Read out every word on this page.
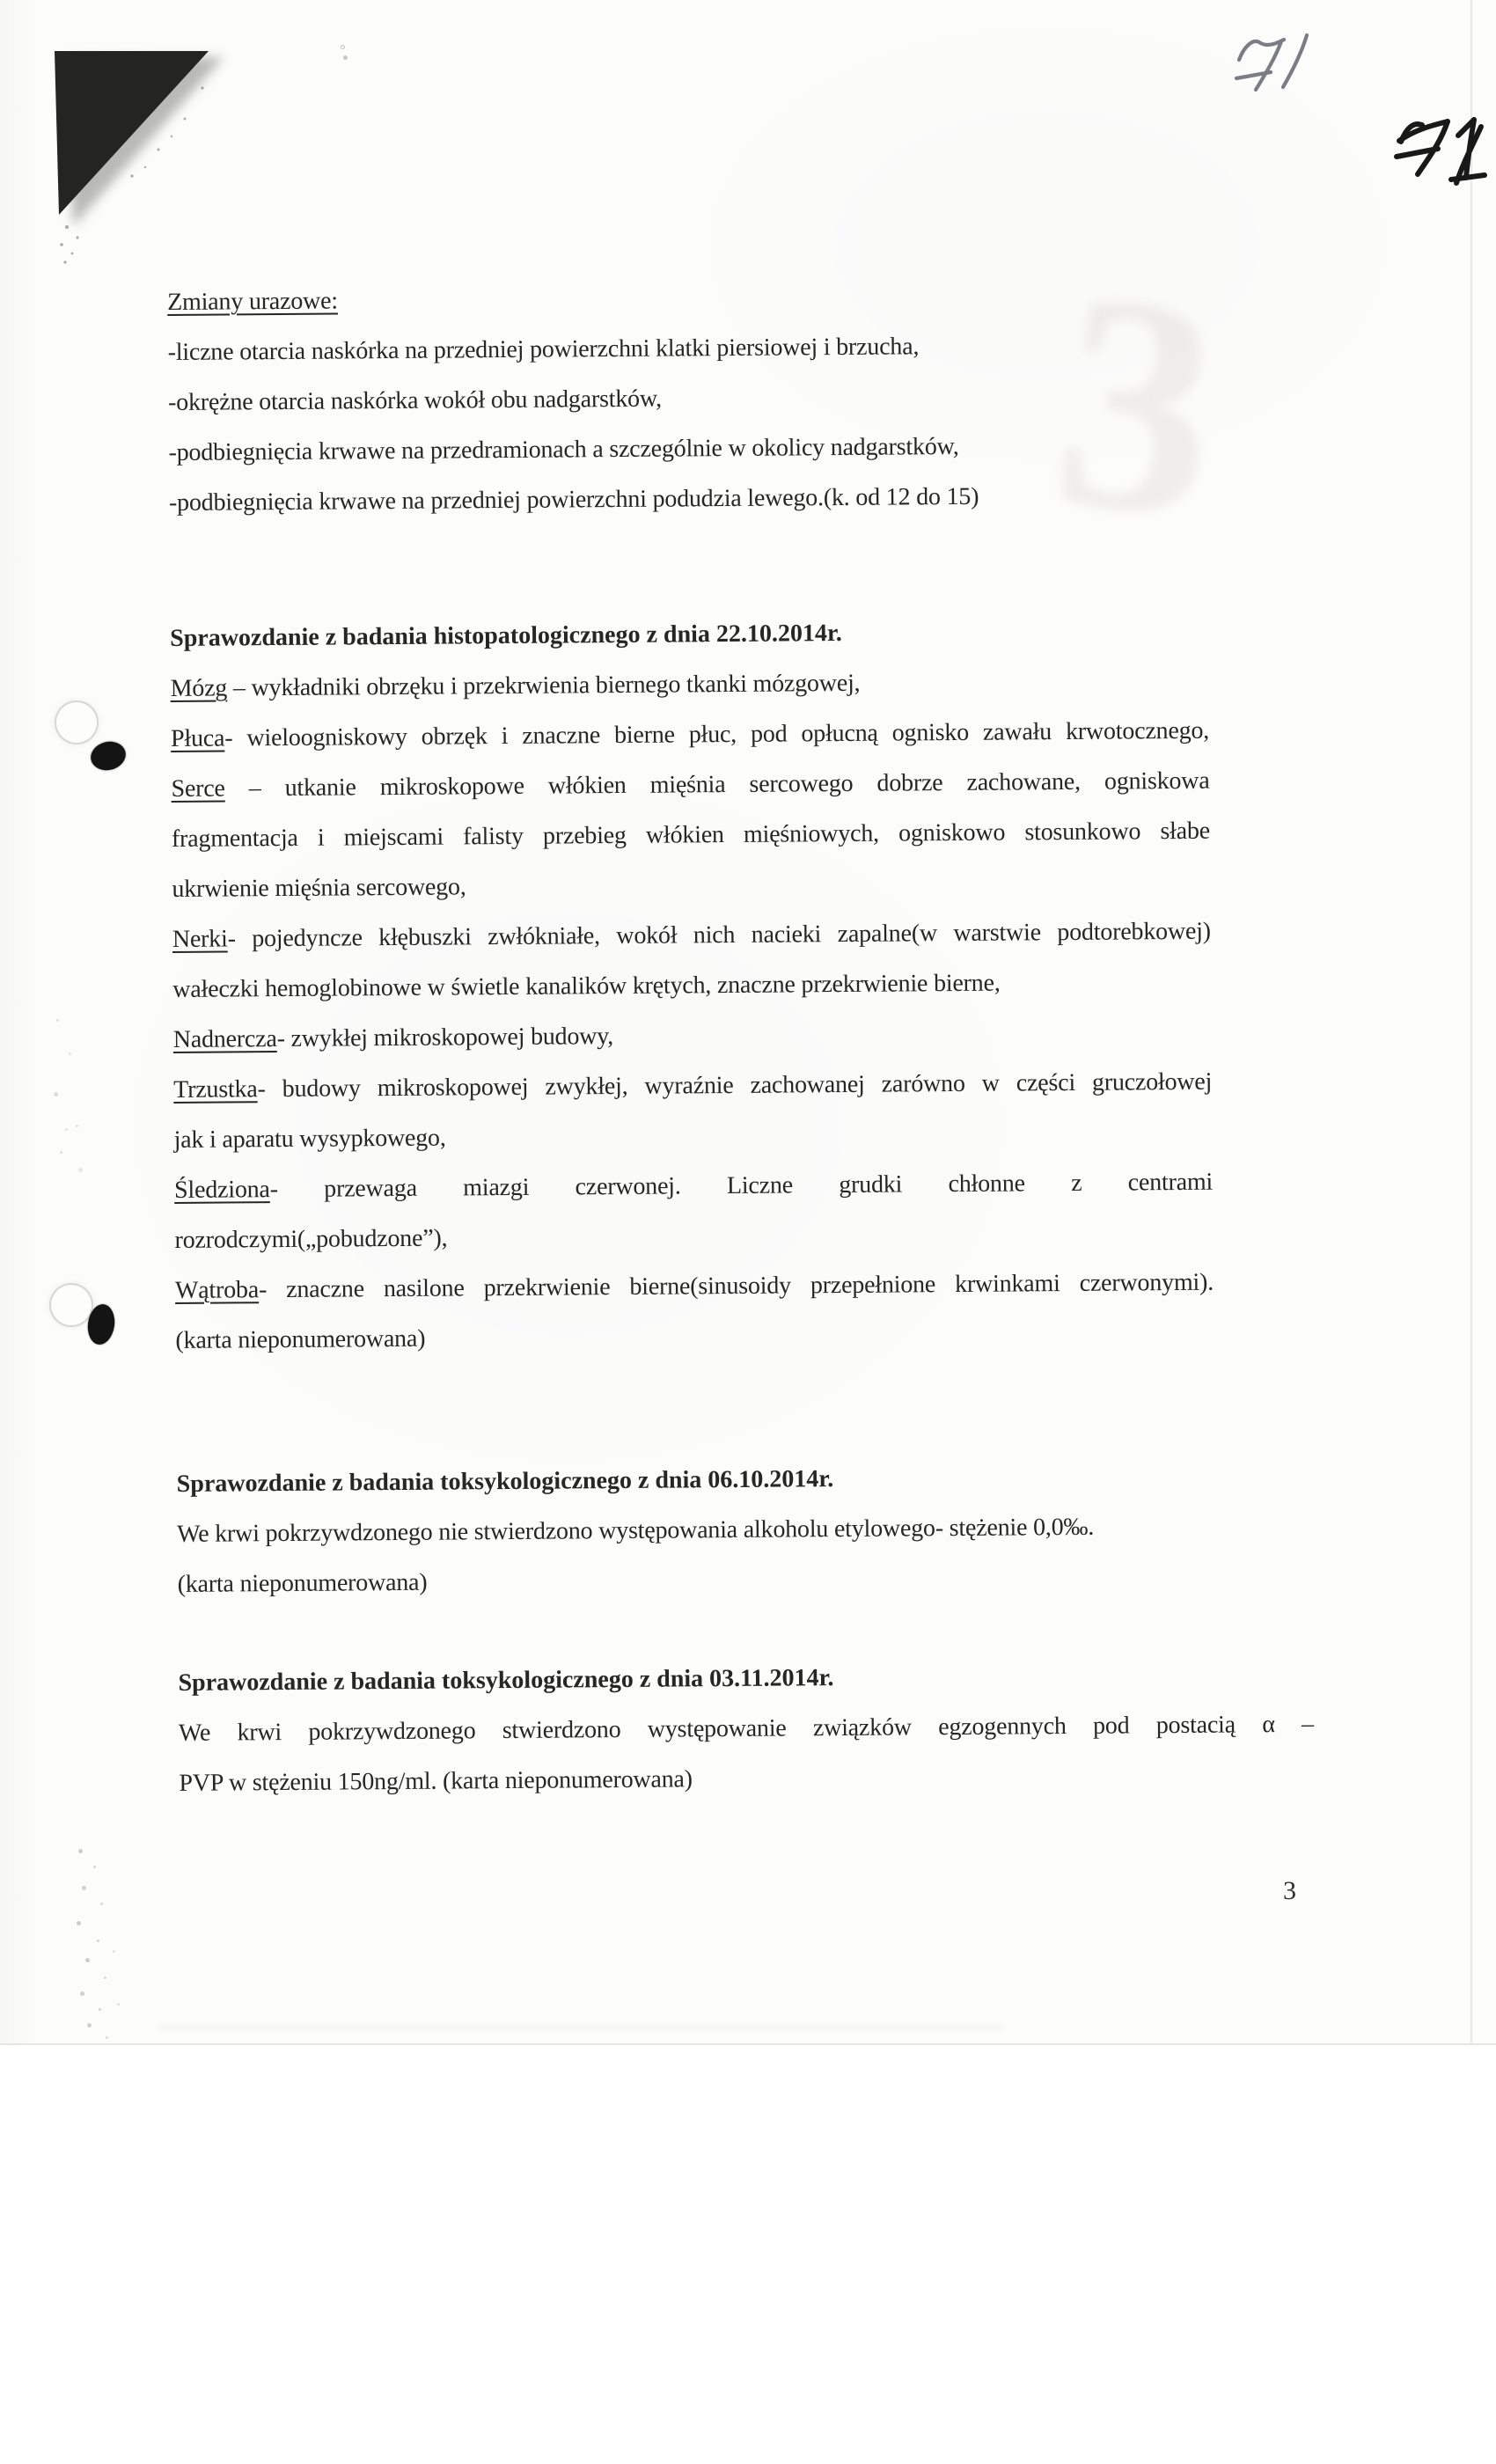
3
Zmiany urazowe:
-liczne otarcia naskórka na przedniej powierzchni klatki piersiowej i brzucha,
-okrężne otarcia naskórka wokół obu nadgarstków,
-podbiegnięcia krwawe na przedramionach a szczególnie w okolicy nadgarstków,
-podbiegnięcia krwawe na przedniej powierzchni podudzia lewego.(k. od 12 do 15)
Sprawozdanie z badania histopatologicznego z dnia 22.10.2014r.
Mózg – wykładniki obrzęku i przekrwienia biernego tkanki mózgowej,
Płuca- wieloogniskowy obrzęk i znaczne bierne płuc, pod opłucną ognisko zawału krwotocznego,
Serce – utkanie mikroskopowe włókien mięśnia sercowego dobrze zachowane, ogniskowa
fragmentacja i miejscami falisty przebieg włókien mięśniowych, ogniskowo stosunkowo słabe
ukrwienie mięśnia sercowego,
Nerki- pojedyncze kłębuszki zwłókniałe, wokół nich nacieki zapalne(w warstwie podtorebkowej)
wałeczki hemoglobinowe w świetle kanalików krętych, znaczne przekrwienie bierne,
Nadnercza- zwykłej mikroskopowej budowy,
Trzustka- budowy mikroskopowej zwykłej, wyraźnie zachowanej zarówno w części gruczołowej
jak i aparatu wysypkowego,
Śledziona- przewaga miazgi czerwonej. Liczne grudki chłonne z centrami
rozrodczymi(„pobudzone”),
Wątroba- znaczne nasilone przekrwienie bierne(sinusoidy przepełnione krwinkami czerwonymi).
(karta nieponumerowana)
Sprawozdanie z badania toksykologicznego z dnia 06.10.2014r.
We krwi pokrzywdzonego nie stwierdzono występowania alkoholu etylowego- stężenie 0,0‰.
(karta nieponumerowana)
Sprawozdanie z badania toksykologicznego z dnia 03.11.2014r.
We krwi pokrzywdzonego stwierdzono występowanie związków egzogennych pod postacią α –
PVP w stężeniu 150ng/ml. (karta nieponumerowana)
3
